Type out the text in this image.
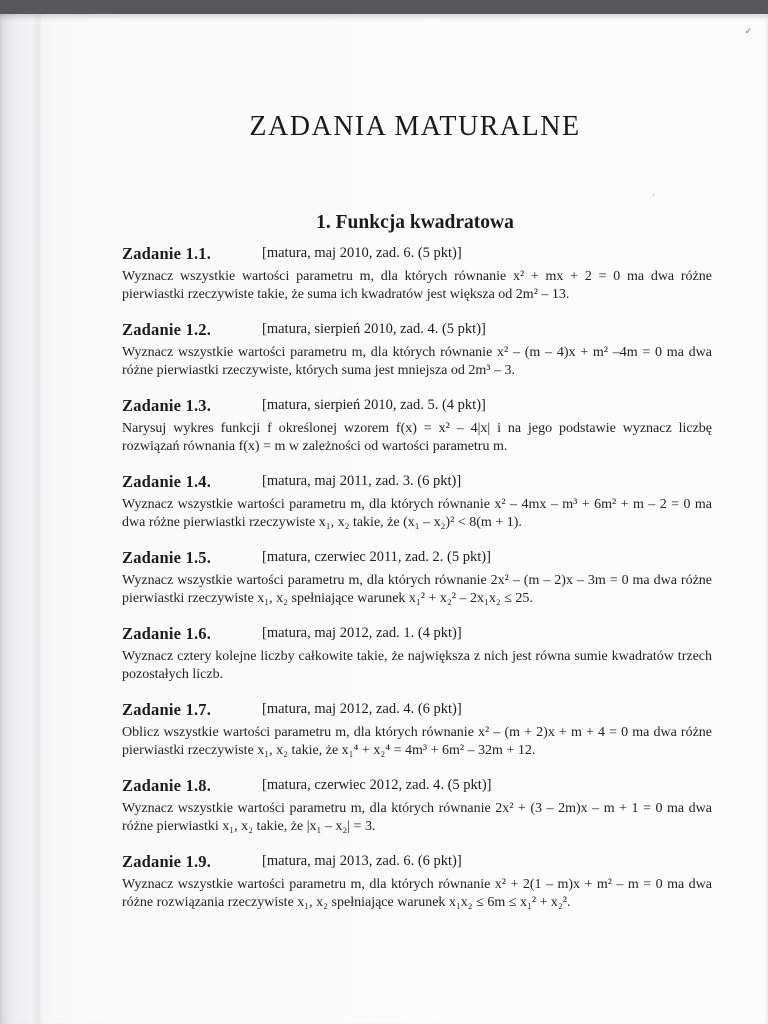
✓
·
ZADANIA MATURALNE
1. Funkcja kwadratowa
Zadanie 1.1.	[matura, maj 2010, zad. 6. (5 pkt)]
Wyznacz wszystkie wartości parametru m, dla których równanie x² + mx + 2 = 0 ma dwa różne pierwiastki rzeczywiste takie, że suma ich kwadratów jest większa od 2m² – 13.
Zadanie 1.2.	[matura, sierpień 2010, zad. 4. (5 pkt)]
Wyznacz wszystkie wartości parametru m, dla których równanie x² – (m – 4)x + m² –4m = 0 ma dwa różne pierwiastki rzeczywiste, których suma jest mniejsza od 2m³ – 3.
Zadanie 1.3.	[matura, sierpień 2010, zad. 5. (4 pkt)]
Narysuj wykres funkcji f określonej wzorem f(x) = x² – 4|x| i na jego podstawie wyznacz liczbę rozwiązań równania f(x) = m w zależności od wartości parametru m.
Zadanie 1.4.	[matura, maj 2011, zad. 3. (6 pkt)]
Wyznacz wszystkie wartości parametru m, dla których równanie x² – 4mx – m³ + 6m² + m – 2 = 0 ma dwa różne pierwiastki rzeczywiste x₁, x₂ takie, że (x₁ – x₂)² < 8(m + 1).
Zadanie 1.5.	[matura, czerwiec 2011, zad. 2. (5 pkt)]
Wyznacz wszystkie wartości parametru m, dla których równanie 2x² – (m – 2)x – 3m = 0 ma dwa różne pierwiastki rzeczywiste x₁, x₂ spełniające warunek x₁² + x₂² – 2x₁x₂ ≤ 25.
Zadanie 1.6.	[matura, maj 2012, zad. 1. (4 pkt)]
Wyznacz cztery kolejne liczby całkowite takie, że największa z nich jest równa sumie kwadratów trzech pozostałych liczb.
Zadanie 1.7.	[matura, maj 2012, zad. 4. (6 pkt)]
Oblicz wszystkie wartości parametru m, dla których równanie x² – (m + 2)x + m + 4 = 0 ma dwa różne pierwiastki rzeczywiste x₁, x₂ takie, że x₁⁴ + x₂⁴ = 4m³ + 6m² – 32m + 12.
Zadanie 1.8.	[matura, czerwiec 2012, zad. 4. (5 pkt)]
Wyznacz wszystkie wartości parametru m, dla których równanie 2x² + (3 – 2m)x – m + 1 = 0 ma dwa różne pierwiastki x₁, x₂ takie, że |x₁ – x₂| = 3.
Zadanie 1.9.	[matura, maj 2013, zad. 6. (6 pkt)]
Wyznacz wszystkie wartości parametru m, dla których równanie x² + 2(1 – m)x + m² – m = 0 ma dwa różne rozwiązania rzeczywiste x₁, x₂ spełniające warunek x₁x₂ ≤ 6m ≤ x₁² + x₂².
